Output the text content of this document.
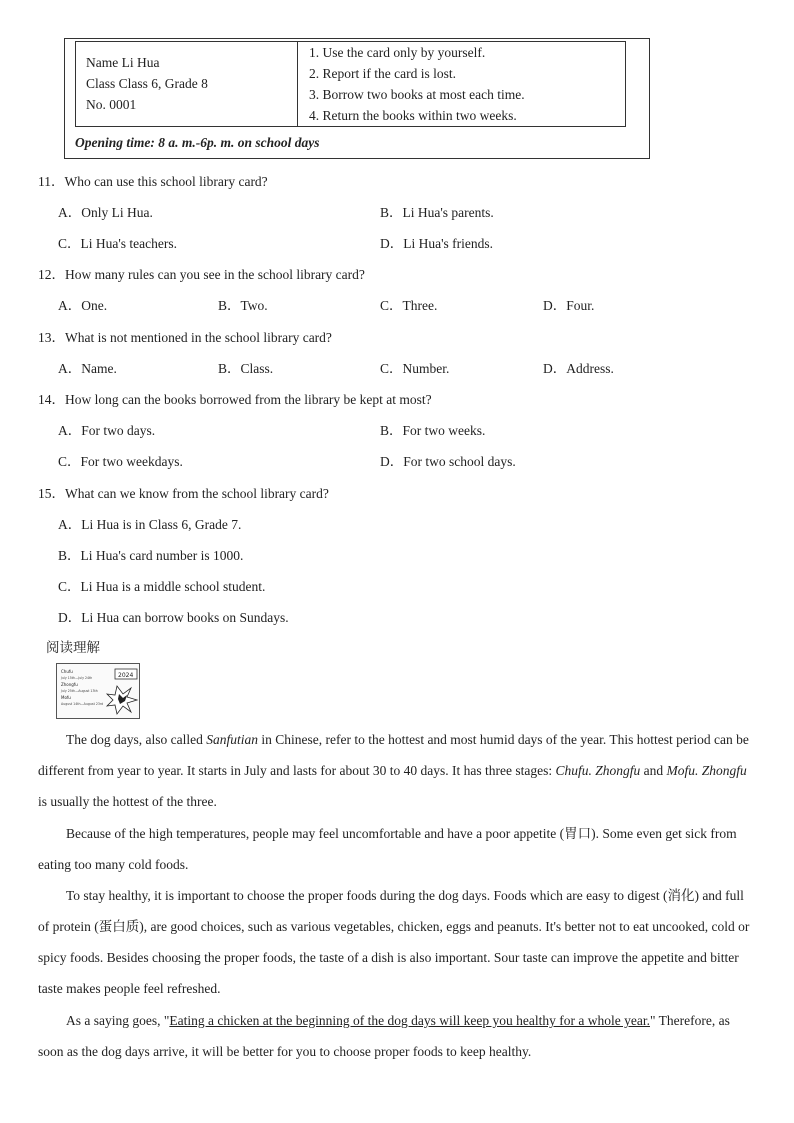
Name Li Hua
Class Class 6, Grade 8
No. 0001
1. Use the card only by yourself.
2. Report if the card is lost.
3. Borrow two books at most each time.
4. Return the books within two weeks.
Opening time: 8 a. m.-6p. m. on school days
11．Who can use this school library card?
A．Only Li Hua.	B．Li Hua's parents.
C．Li Hua's teachers.	D．Li Hua's friends.
12．How many rules can you see in the school library card?
A．One.	B．Two.	C．Three.	D．Four.
13．What is not mentioned in the school library card?
A．Name.	B．Class.	C．Number.	D．Address.
14．How long can the books borrowed from the library be kept at most?
A．For two days.	B．For two weeks.
C．For two weekdays.	D．For two school days.
15．What can we know from the school library card?
A．Li Hua is in Class 6, Grade 7.
B．Li Hua's card number is 1000.
C．Li Hua is a middle school student.
D．Li Hua can borrow books on Sundays.
阅读理解
2024
Chufu
July 15th—July 24th
Zhongfu
July 25th—August 13th
Mofu
August 14th—August 23rd
The dog days, also called Sanfutian in Chinese, refer to the hottest and most humid days of the year. This hottest period can be different from year to year. It starts in July and lasts for about 30 to 40 days. It has three stages: Chufu. Zhongfu and Mofu. Zhongfu is usually the hottest of the three.
Because of the high temperatures, people may feel uncomfortable and have a poor appetite (胃口). Some even get sick from eating too many cold foods.
To stay healthy, it is important to choose the proper foods during the dog days. Foods which are easy to digest (消化) and full of protein (蛋白质), are good choices, such as various vegetables, chicken, eggs and peanuts. It's better not to eat uncooked, cold or spicy foods. Besides choosing the proper foods, the taste of a dish is also important. Sour taste can improve the appetite and bitter taste makes people feel refreshed.
As a saying goes, "Eating a chicken at the beginning of the dog days will keep you healthy for a whole year." Therefore, as soon as the dog days arrive, it will be better for you to choose proper foods to keep healthy.
